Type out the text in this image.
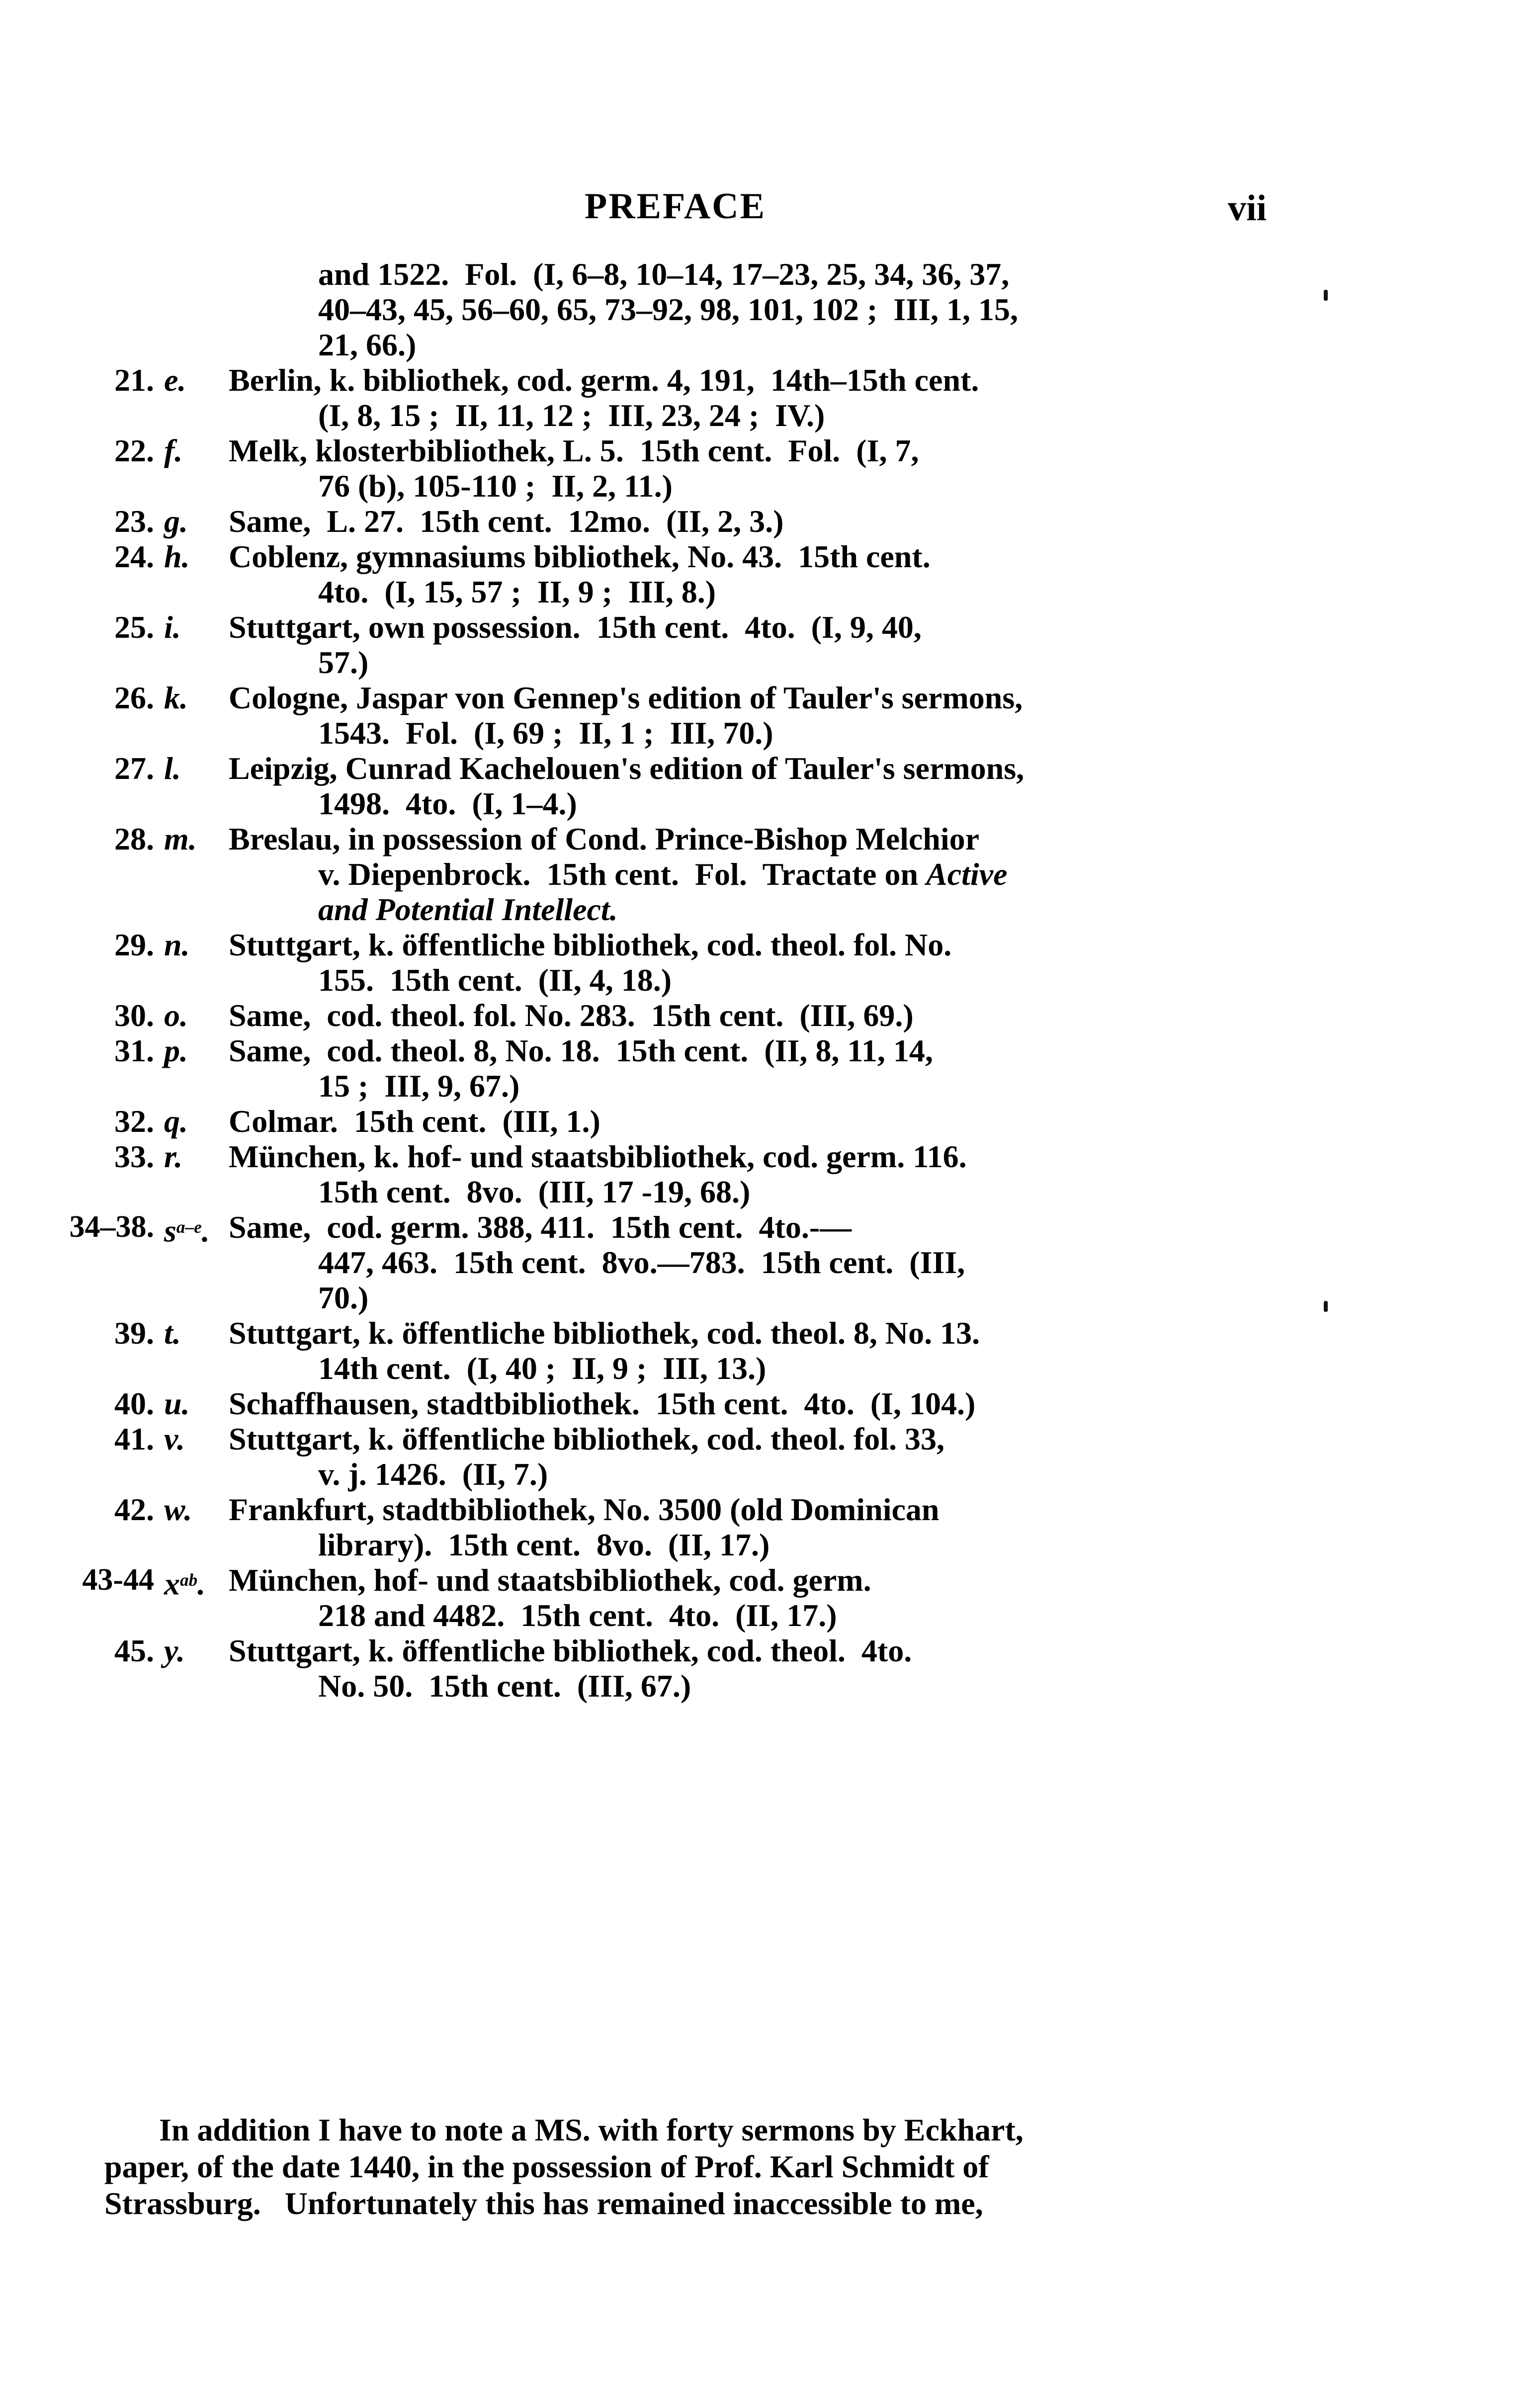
PREFACE	vii
and 1522.  Fol.  (I, 6–8, 10–14, 17–23, 25, 34, 36, 37,
40–43, 45, 56–60, 65, 73–92, 98, 101, 102 ;  III, 1, 15,
21, 66.)
21. e. Berlin, k. bibliothek, cod. germ. 4, 191,  14th–15th cent.
(I, 8, 15 ;  II, 11, 12 ;  III, 23, 24 ;  IV.)
22. f. Melk, klosterbibliothek, L. 5.  15th cent.  Fol.  (I, 7,
76 (b), 105-110 ;  II, 2, 11.)
23. g. Same,  L. 27.  15th cent.  12mo.  (II, 2, 3.)
24. h. Coblenz, gymnasiums bibliothek, No. 43.  15th cent.
4to.  (I, 15, 57 ;  II, 9 ;  III, 8.)
25. i. Stuttgart, own possession.  15th cent.  4to.  (I, 9, 40,
57.)
26. k. Cologne, Jaspar von Gennep's edition of Tauler's sermons,
1543.  Fol.  (I, 69 ;  II, 1 ;  III, 70.)
27. l. Leipzig, Cunrad Kachelouen's edition of Tauler's sermons,
1498.  4to.  (I, 1–4.)
28. m. Breslau, in possession of Cond. Prince-Bishop Melchior
v. Diepenbrock.  15th cent.  Fol.  Tractate on Active
and Potential Intellect.
29. n. Stuttgart, k. öffentliche bibliothek, cod. theol. fol. No.
155.  15th cent.  (II, 4, 18.)
30. o. Same,  cod. theol. fol. No. 283.  15th cent.  (III, 69.)
31. p. Same,  cod. theol. 8, No. 18.  15th cent.  (II, 8, 11, 14,
15 ;  III, 9, 67.)
32. q. Colmar.  15th cent.  (III, 1.)
33. r. München, k. hof- und staatsbibliothek, cod. germ. 116.
15th cent.  8vo.  (III, 17 -19, 68.)
34–38. $s^{a-e}$. Same,  cod. germ. 388, 411.  15th cent.  4to.-—
447, 463.  15th cent.  8vo.—783.  15th cent.  (III,
70.)
39. t. Stuttgart, k. öffentliche bibliothek, cod. theol. 8, No. 13.
14th cent.  (I, 40 ;  II, 9 ;  III, 13.)
40. u. Schaffhausen, stadtbibliothek.  15th cent.  4to.  (I, 104.)
41. v. Stuttgart, k. öffentliche bibliothek, cod. theol. fol. 33,
v. j. 1426.  (II, 7.)
42. w. Frankfurt, stadtbibliothek, No. 3500 (old Dominican
library).  15th cent.  8vo.  (II, 17.)
43-44 $x^{ab}$. München, hof- und staatsbibliothek, cod. germ.
218 and 4482.  15th cent.  4to.  (II, 17.)
45. y. Stuttgart, k. öffentliche bibliothek, cod. theol.  4to.
No. 50.  15th cent.  (III, 67.)
In addition I have to note a MS. with forty sermons by Eckhart,
paper, of the date 1440, in the possession of Prof. Karl Schmidt of
Strassburg.   Unfortunately this has remained inaccessible to me,
